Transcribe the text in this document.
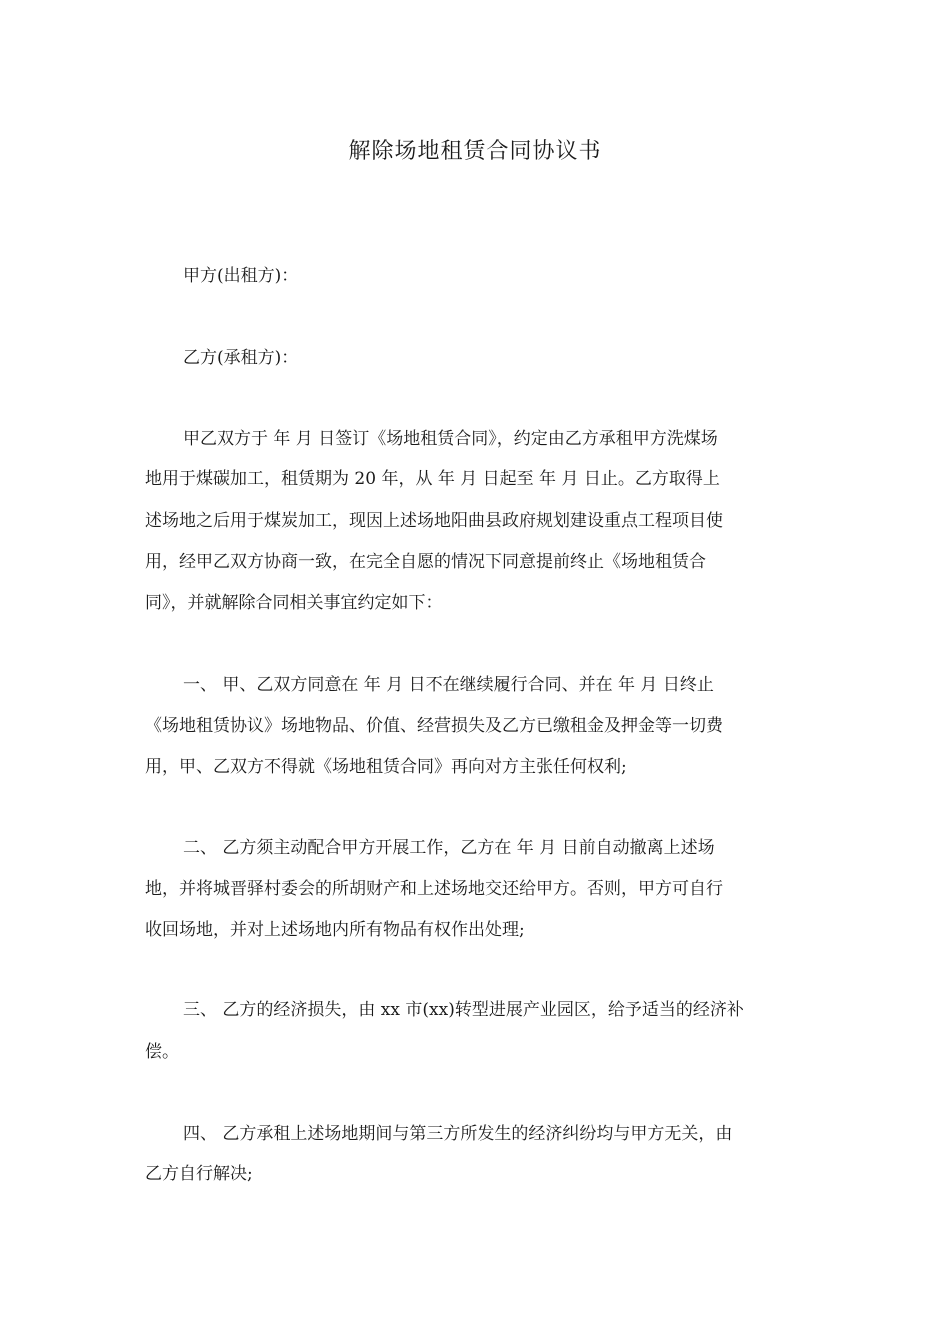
解除场地租赁合同协议书
甲方(出租方)：
乙方(承租方)：
甲乙双方于 年 月 日签订《场地租赁合同》，约定由乙方承租甲方洗煤场
地用于煤碳加工，租赁期为 20 年，从 年 月 日起至 年 月 日止。乙方取得上
述场地之后用于煤炭加工，现因上述场地阳曲县政府规划建设重点工程项目使
用，经甲乙双方协商一致，在完全自愿的情况下同意提前终止《场地租赁合
同》，并就解除合同相关事宜约定如下：
一、 甲、乙双方同意在 年 月 日不在继续履行合同、并在 年 月 日终止
《场地租赁协议》场地物品、价值、经营损失及乙方已缴租金及押金等一切费
用，甲、乙双方不得就《场地租赁合同》再向对方主张任何权利;
二、 乙方须主动配合甲方开展工作，乙方在 年 月 日前自动撤离上述场
地，并将城晋驿村委会的所胡财产和上述场地交还给甲方。否则，甲方可自行
收回场地，并对上述场地内所有物品有权作出处理;
三、 乙方的经济损失，由 xx 市(xx)转型进展产业园区，给予适当的经济补
偿。
四、 乙方承租上述场地期间与第三方所发生的经济纠纷均与甲方无关，由
乙方自行解决;
